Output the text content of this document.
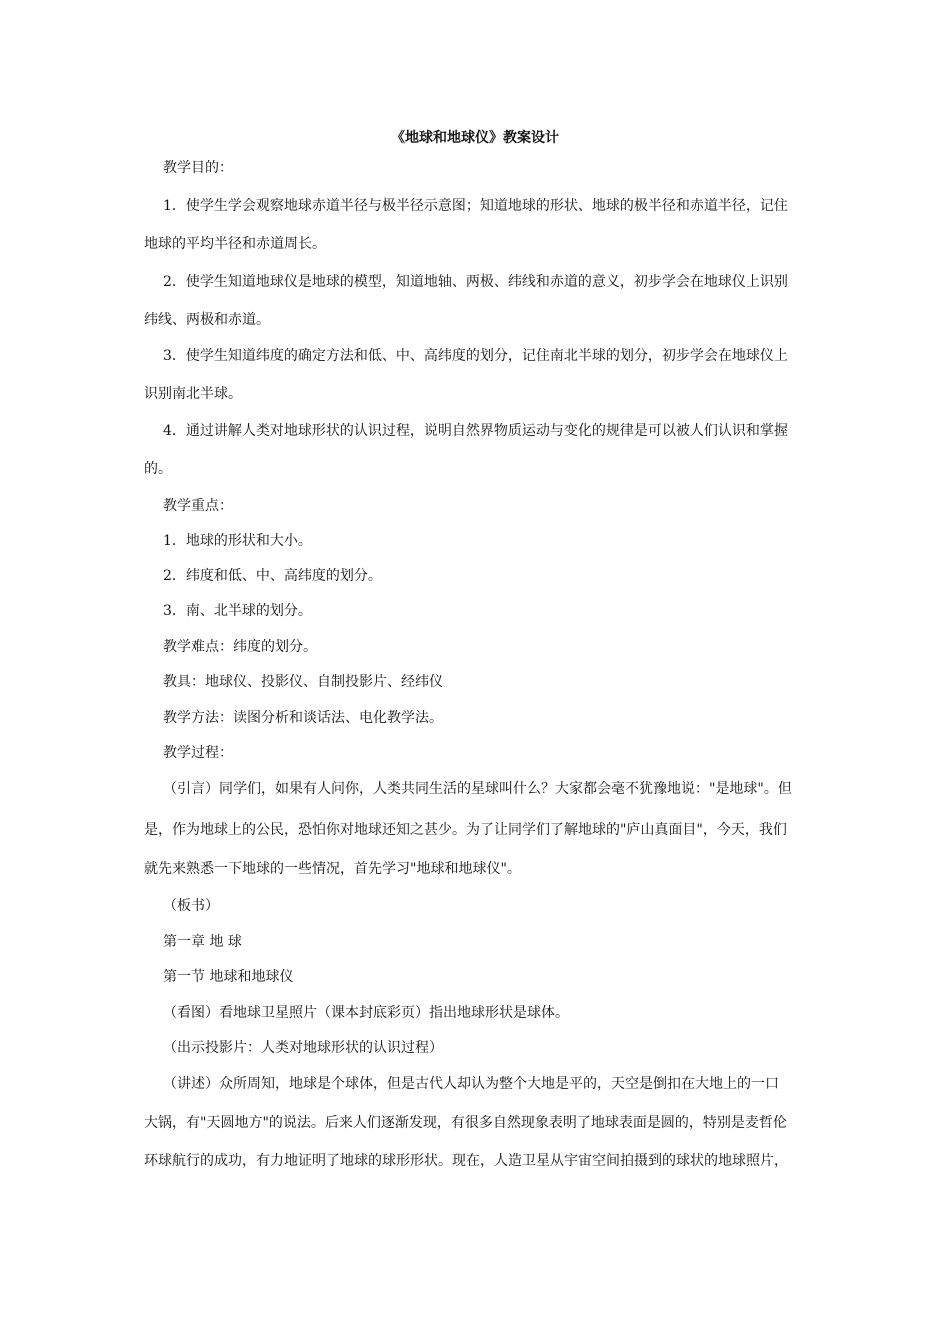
《地球和地球仪》教案设计
教学目的：
1．使学生学会观察地球赤道半径与极半径示意图；知道地球的形状、地球的极半径和赤道半径，记住
地球的平均半径和赤道周长。
2．使学生知道地球仪是地球的模型，知道地轴、两极、纬线和赤道的意义，初步学会在地球仪上识别
纬线、两极和赤道。
3．使学生知道纬度的确定方法和低、中、高纬度的划分，记住南北半球的划分，初步学会在地球仪上
识别南北半球。
4．通过讲解人类对地球形状的认识过程，说明自然界物质运动与变化的规律是可以被人们认识和掌握
的。
教学重点：
1．地球的形状和大小。
2．纬度和低、中、高纬度的划分。
3．南、北半球的划分。
教学难点：纬度的划分。
教具：地球仪、投影仪、自制投影片、经纬仪
教学方法：读图分析和谈话法、电化教学法。
教学过程：
（引言）同学们，如果有人问你，人类共同生活的星球叫什么？大家都会毫不犹豫地说："是地球"。但
是，作为地球上的公民，恐怕你对地球还知之甚少。为了让同学们了解地球的"庐山真面目"，今天，我们
就先来熟悉一下地球的一些情况，首先学习"地球和地球仪"。
（板书）
第一章 地 球
第一节 地球和地球仪
（看图）看地球卫星照片（课本封底彩页）指出地球形状是球体。
（出示投影片：人类对地球形状的认识过程）
（讲述）众所周知，地球是个球体，但是古代人却认为整个大地是平的，天空是倒扣在大地上的一口
大锅，有"天圆地方"的说法。后来人们逐渐发现，有很多自然现象表明了地球表面是圆的，特别是麦哲伦
环球航行的成功，有力地证明了地球的球形形状。现在，人造卫星从宇宙空间拍摄到的球状的地球照片，
